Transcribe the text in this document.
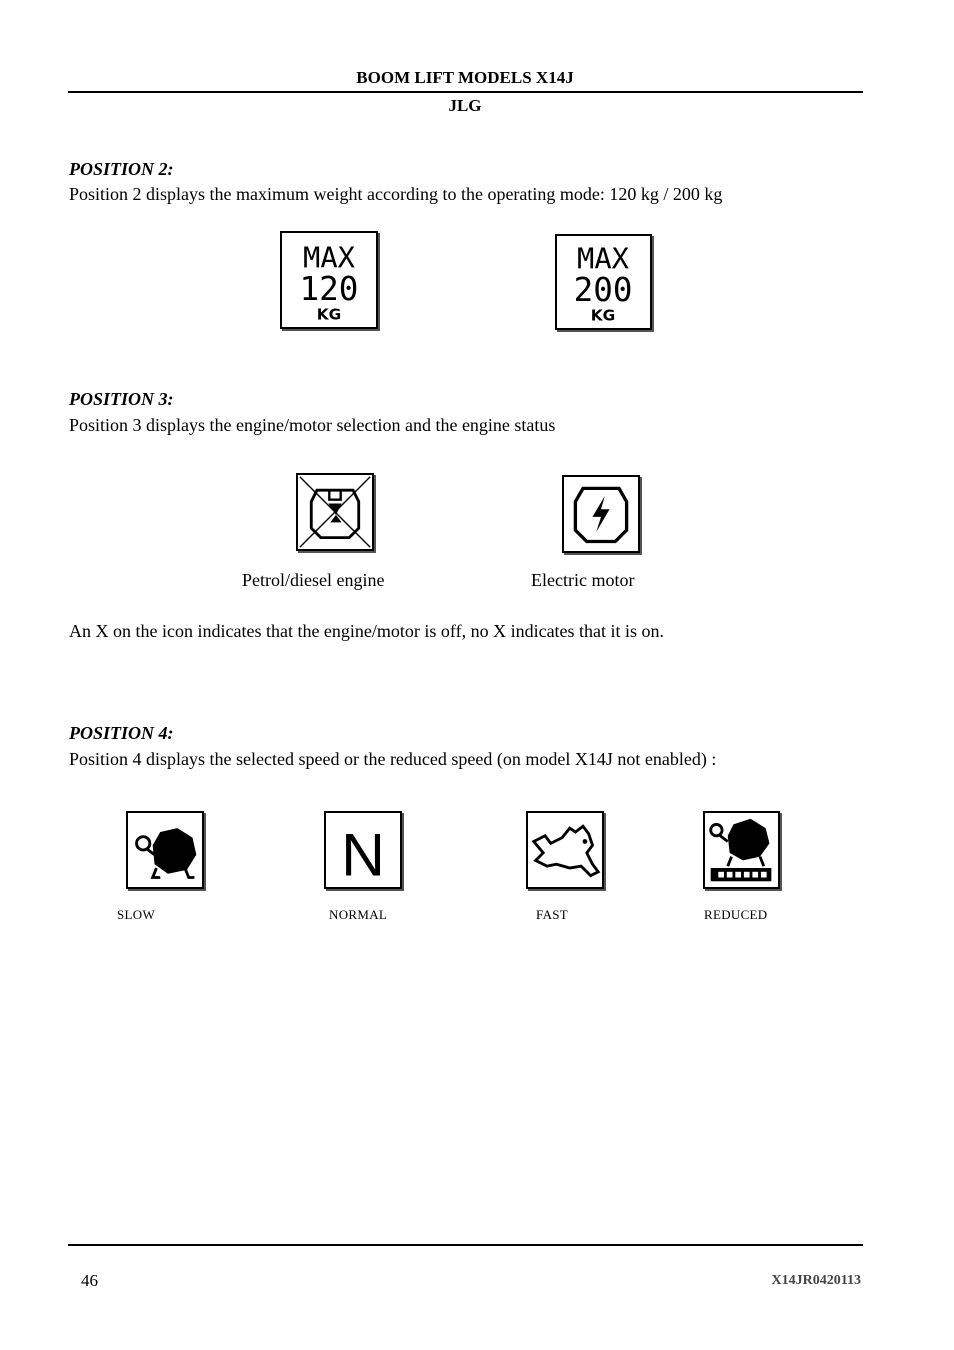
BOOM LIFT MODELS X14J
JLG
POSITION 2:
Position 2 displays the maximum weight according to the operating mode: 120 kg / 200 kg
MAX
120
KG
MAX
200
KG
POSITION 3:
Position 3 displays the engine/motor selection and the engine status
Petrol/diesel engine	Electric motor
An X on the icon indicates that the engine/motor is off, no X indicates that it is on.
POSITION 4:
Position 4 displays the selected speed or the reduced speed (on model X14J not enabled) :
N
SLOW	NORMAL	FAST	REDUCED
46	X14JR0420113
